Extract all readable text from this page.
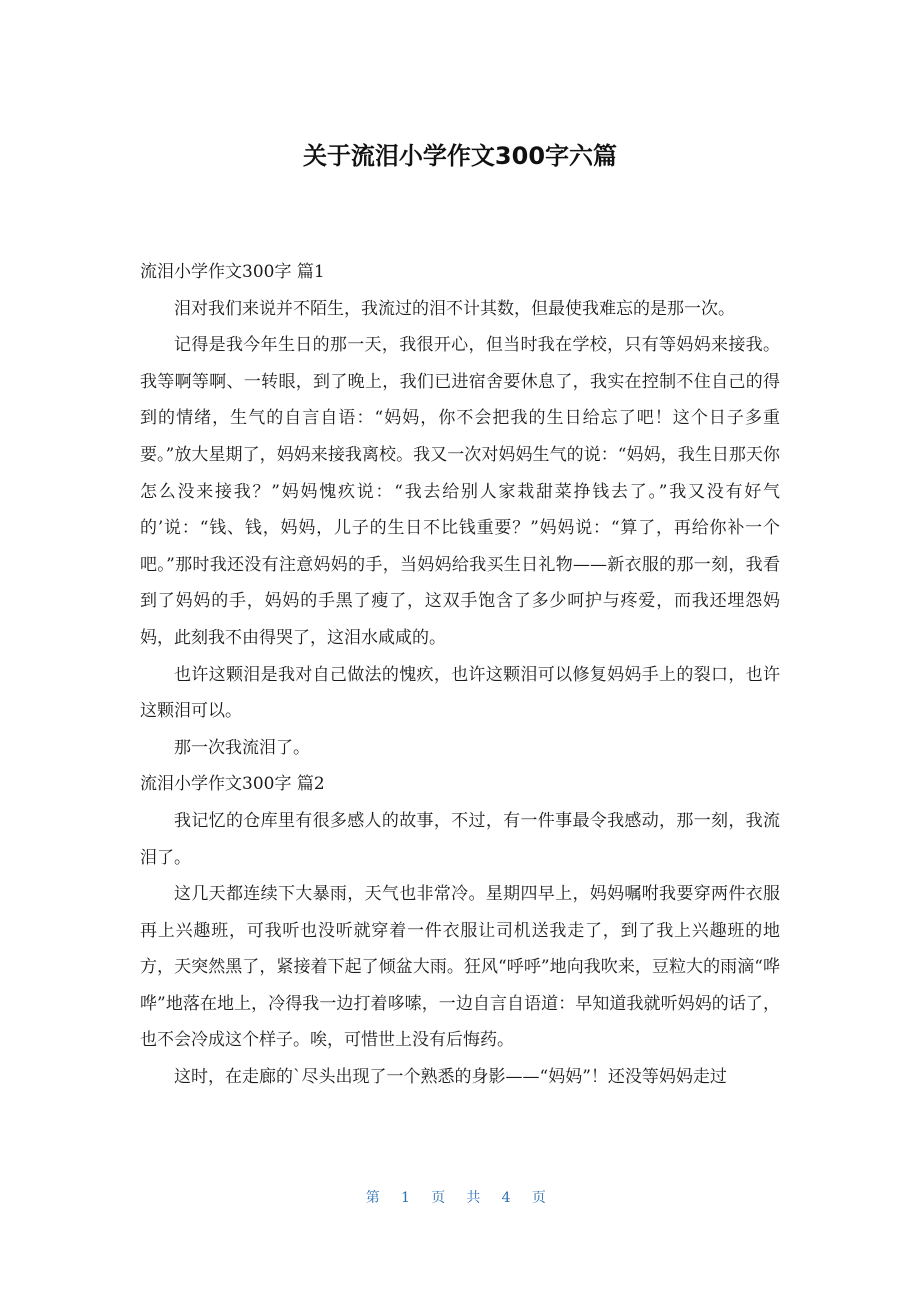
关于流泪小学作文300字六篇

流泪小学作文300字 篇1

泪对我们来说并不陌生，我流过的泪不计其数，但最使我难忘的是那一次。

记得是我今年生日的那一天，我很开心，但当时我在学校，只有等妈妈来接我。我等啊等啊、一转眼，到了晚上，我们已进宿舍要休息了，我实在控制不住自己的得到的情绪，生气的自言自语：“妈妈，你不会把我的生日给忘了吧！这个日子多重要。”放大星期了，妈妈来接我离校。我又一次对妈妈生气的说：“妈妈，我生日那天你怎么没来接我？”妈妈愧疚说：“我去给别人家栽甜菜挣钱去了。”我又没有好气的’说：“钱、钱，妈妈，儿子的生日不比钱重要？”妈妈说：“算了，再给你补一个吧。”那时我还没有注意妈妈的手，当妈妈给我买生日礼物——新衣服的那一刻，我看到了妈妈的手，妈妈的手黑了瘦了，这双手饱含了多少呵护与疼爱，而我还埋怨妈妈，此刻我不由得哭了，这泪水咸咸的。

也许这颗泪是我对自己做法的愧疚，也许这颗泪可以修复妈妈手上的裂口，也许这颗泪可以。

那一次我流泪了。

流泪小学作文300字 篇2

我记忆的仓库里有很多感人的故事，不过，有一件事最令我感动，那一刻，我流泪了。

这几天都连续下大暴雨，天气也非常冷。星期四早上，妈妈嘱咐我要穿两件衣服再上兴趣班，可我听也没听就穿着一件衣服让司机送我走了，到了我上兴趣班的地方，天突然黑了，紧接着下起了倾盆大雨。狂风“呼呼”地向我吹来，豆粒大的雨滴“哗哗”地落在地上，冷得我一边打着哆嗦，一边自言自语道：早知道我就听妈妈的话了，也不会冷成这个样子。唉，可惜世上没有后悔药。

这时，在走廊的`尽头出现了一个熟悉的身影——“妈妈”！还没等妈妈走过

第 1 页 共 4 页
